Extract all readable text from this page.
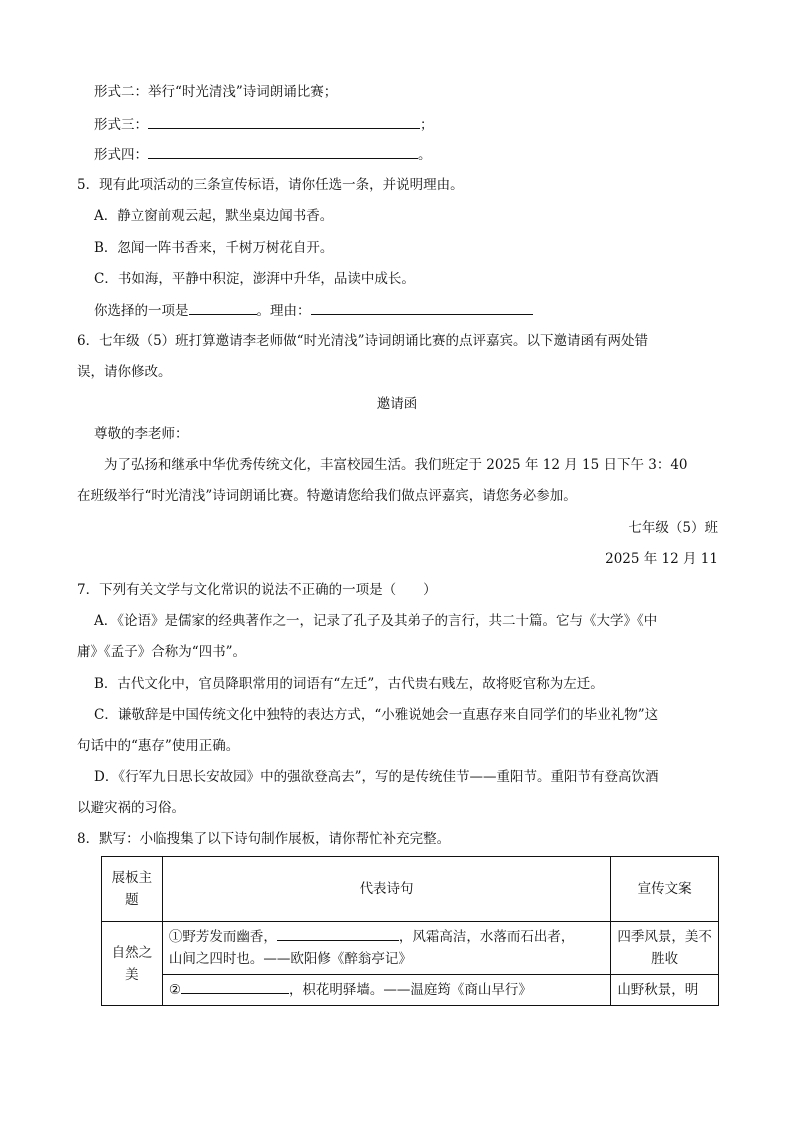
形式二：举行“时光清浅”诗词朗诵比赛；
形式三：	；
形式四：	。
5．现有此项活动的三条宣传标语，请你任选一条，并说明理由。
A．静立窗前观云起，默坐桌边闻书香。
B．忽闻一阵书香来，千树万树花自开。
C．书如海，平静中积淀，澎湃中升华，品读中成长。
你选择的一项是	。理由：
6．七年级（5）班打算邀请李老师做“时光清浅”诗词朗诵比赛的点评嘉宾。以下邀请函有两处错
误，请你修改。
邀请函
尊敬的李老师：
为了弘扬和继承中华优秀传统文化，丰富校园生活。我们班定于 2025 年 12 月 15 日下午 3：40
在班级举行“时光清浅”诗词朗诵比赛。特邀请您给我们做点评嘉宾，请您务必参加。
七年级（5）班
2025 年 12 月 11
7．下列有关文学与文化常识的说法不正确的一项是（　　）
A．《论语》是儒家的经典著作之一，记录了孔子及其弟子的言行，共二十篇。它与《大学》《中
庸》《孟子》合称为“四书”。
B．古代文化中，官员降职常用的词语有“左迁”，古代贵右贱左，故将贬官称为左迁。
C．谦敬辞是中国传统文化中独特的表达方式，“小雅说她会一直惠存来自同学们的毕业礼物”这
句话中的“惠存”使用正确。
D．《行军九日思长安故园》中的强欲登高去”，写的是传统佳节——重阳节。重阳节有登高饮酒
以避灾祸的习俗。
8．默写：小临搜集了以下诗句制作展板，请你帮忙补充完整。
展板主题	代表诗句	宣传文案
自然之美	①野芳发而幽香， ，风霜高洁，水落而石出者，
山间之四时也。——欧阳修《醉翁亭记》	四季风景，美不胜收
	② ，枳花明驿墙。——温庭筠《商山早行》	山野秋景，明
